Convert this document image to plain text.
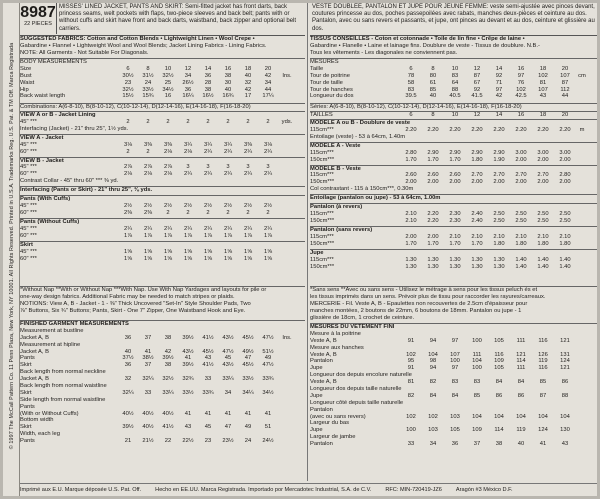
© 1997 The McCall Pattern Co. 11 Penn Plaza, New York, NY 10001. All Rights Reserved. Printed in U.S.A. Trademarks Reg. U.S. Pat. & TM Off. Marca Registrada
8987
22 PIECES
MISSES' LINED JACKET, PANTS AND SKIRT: Semi-fitted jacket has front darts, back princess seams, welt pockets with flaps, two-piece sleeves and back belt; pants with or without cuffs and skirt have front and back darts, waistband, back zipper and optional belt carriers.
SUGGESTED FABRICS: Cotton and Cotton Blends • Lightweight Linen • Wool Crepe •
Gabardine • Flannel • Lightweight Wool and Wool Blends; Jacket Lining Fabrics - Lining Fabrics.
NOTE: All Garments - Not Suitable For Diagonals.
BODY MEASUREMENTS
Size	6	8	10	12	14	16	18	20
Bust	30½	31½	32½	34	36	38	40	42	Ins.
Waist	23	24	25	26½	28	30	32	34
Hip	32½	33½	34½	36	38	40	42	44
Back waist length	15½	15¾	16	16¼	16½	16¾	17	17¼
Combinations: A(6-8-10), B(8-10-12), C(10-12-14), D(12-14-16), E(14-16-18), F(16-18-20)
VIEW A or B - Jacket Lining
45" ***	2	2	2	2	2	2	2	2	yds.
Interfacing (Jacket) - 21" thru 25", 1½ yds.
VIEW A - Jacket
45" ***	3⅛	3⅜	3⅜	3¼	3¼	3¼	3⅜	3⅛
60" ***	2	2	2⅛	2⅛	2¼	2¼	2¼	2¼
VIEW B - Jacket
45" ***	2⅞	2⅞	2⅞	3	3	3	3	3
60" ***	2⅛	2⅛	2⅛	2¼	2¼	2¼	2¼	2¼
Contrast Collar - 45" thru 60" *** ⅜ yd.
Interfacing (Pants or Skirt) - 21" thru 25", ⅜ yds.
Pants (With Cuffs)
45" ***	2½	2½	2½	2½	2½	2½	2½	2½
60" ***	2⅜	2⅜	2	2	2	2	2	2
Pants (Without Cuffs)
45" ***	2¼	2¼	2¼	2¼	2¼	2¼	2¼	2¼
60" ***	1⅞	1⅞	1⅞	1⅞	1⅞	1⅞	1⅞	1⅞
Skirt
45" ***	1⅝	1⅝	1⅝	1⅝	1⅝	1⅝	1⅝	1⅝
60" ***	1⅝	1⅝	1⅝	1⅝	1⅝	1⅝	1⅝	1⅝
*Without Nap **With or Without Nap ***With Nap. Use With Nap Yardages and layouts for pile or
one-way design fabrics. Additional Fabric may be needed to match stripes or plaids.
NOTIONS: View A, B - Jacket - 1 - ⅜" Thick Uncovered "Set-In" Style Shoulder Pads, Two
⅞" Buttons, Six ¾" Buttons; Pants, Skirt - One 7" Zipper, One Waistband Hook and Eye.
FINISHED GARMENT MEASUREMENTS
Measurement at bustline
Jacket A, B	36	37	38	39½	41½	43½	45½	47½	Ins.
Measurement at hipline
Jacket A, B	40	41	42	43½	45½	47½	49½	51½
Pants	37½	38½	39½	41	43	45	47	49
Skirt	36	37	38	39½	41½	43½	45½	47½
Back length from normal neckline
Jacket A, B	32	32¼	32½	32¾	33	33¼	33½	33¾
Back length from normal waistline
Skirt	32¼	33	33¼	33½	33¾	34	34¼	34½
Side length from normal waistline
Pants
(With or Without Cuffs)	40½	40½	40½	41	41	41	41	41
Bottom width
Skirt	39½	40½	41½	43	45	47	49	51
Width, each leg
Pants	21	21½	22	22½	23	23½	24	24½
VESTE DOUBLEE, PANTALON ET JUPE POUR JEUNE FEMME: veste semi-ajustée avec pinces devant, coutures princesse au dos, poches passepoilées avec rabats, manches deux-pièces et ceinture au dos. Pantalon, avec ou sans revers et passants, et jupe, ont pinces au devant et au dos, ceinture et glissière au dos.
TISSUS CONSEILLES - Coton et cotonnade • Toile de lin fine • Crêpe de laine •
Gabardine • Flanelle • Laine et lainage fins. Doublure de veste - Tissus de doublure. N.B.-
Tous les vêtements - Les diagonales ne conviennent pas.
MESURES
Taille	6	8	10	12	14	16	18	20
Tour de poitrine	78	80	83	87	92	97	102	107	cm
Tour de taille	58	61	64	67	71	76	81	87
Tour de hanches	83	85	88	92	97	102	107	112
Longueur du dos	39.5	40	40.5	41.5	42	42.5	43	44
Séries: A(6-8-10), B(8-10-12), C(10-12-14), D(12-14-16), E(14-16-18), F(16-18-20)
TAILLES	6	8	10	12	14	16	18	20
MODELE A ou B - Doublure de veste
115cm***	2.20	2.20	2.20	2.20	2.20	2.20	2.20	2.20	m
Entoilage (veste) - 53 à 64cm, 1.40m
MODELE A - Veste
115cm***	2.80	2.90	2.90	2.90	2.90	3.00	3.00	3.00
150cm***	1.70	1.70	1.70	1.80	1.90	2.00	2.00	2.00
MODELE B - Veste
115cm***	2.60	2.60	2.60	2.70	2.70	2.70	2.70	2.80
150cm***	2.00	2.00	2.00	2.00	2.00	2.00	2.00	2.00
Col contrastant - 115 à 150cm***, 0.30m
Entoilage (pantalon ou jupe) - 53 à 64cm, 1.00m
Pantalon (à revers)
115cm***	2.10	2.20	2.30	2.40	2.50	2.50	2.50	2.50
150cm***	2.10	2.20	2.30	2.40	2.50	2.50	2.50	2.50
Pantalon (sans revers)
115cm***	2.00	2.00	2.10	2.10	2.10	2.10	2.10	2.10
150cm***	1.70	1.70	1.70	1.70	1.80	1.80	1.80	1.80
Jupe
115cm***	1.30	1.30	1.30	1.30	1.30	1.40	1.40	1.40
150cm***	1.30	1.30	1.30	1.30	1.30	1.40	1.40	1.40
*Sans sens **Avec ou sans sens - Utilisez le métrage à sens pour les tissus peluch és et
les tissus imprimés dans un sens. Prévoir plus de tissu pour raccorder les rayures/carreaux.
MERCERIE - Fil. Veste A, B - Epaulettes non recouvertes de 2.5cm d'épaisseur pour
manches montées, 2 boutons de 22mm, 6 boutons de 18mm. Pantalon ou jupe - 1
glissière de 18cm, 1 crochet de ceinture.
MESURES DU VETEMENT FINI
Mesure à la poitrine
Veste A, B	91	94	97	100	105	111	116	121
Mesure aux hanches
Veste A, B	102	104	107	111	116	121	126	131
Pantalon	95	98	100	104	109	114	119	124
Jupe	91	94	97	100	105	111	116	121
Longueur dos depuis encolure naturelle
Veste A, B	81	82	83	83	84	84	85	86
Longueur dos depuis taille naturelle
Jupe	82	84	84	85	86	86	87	88
Longueur côté depuis taille naturelle
Pantalon
(avec ou sans revers)	102	102	103	104	104	104	104	104
Largeur du bas
Jupe	100	103	105	109	114	119	124	130
Largeur de jambe
Pantalon	33	34	36	37	38	40	41	43
Imprimé aux E.U. Marque déposée U.S. Pat. Off.	Hecho en EE.UU. Marca Registrada. Importado por Mercadotec Industrial, S.A. de C.V.	RFC: MIN-720419-JZ6	Aragón #3 México D.F.
